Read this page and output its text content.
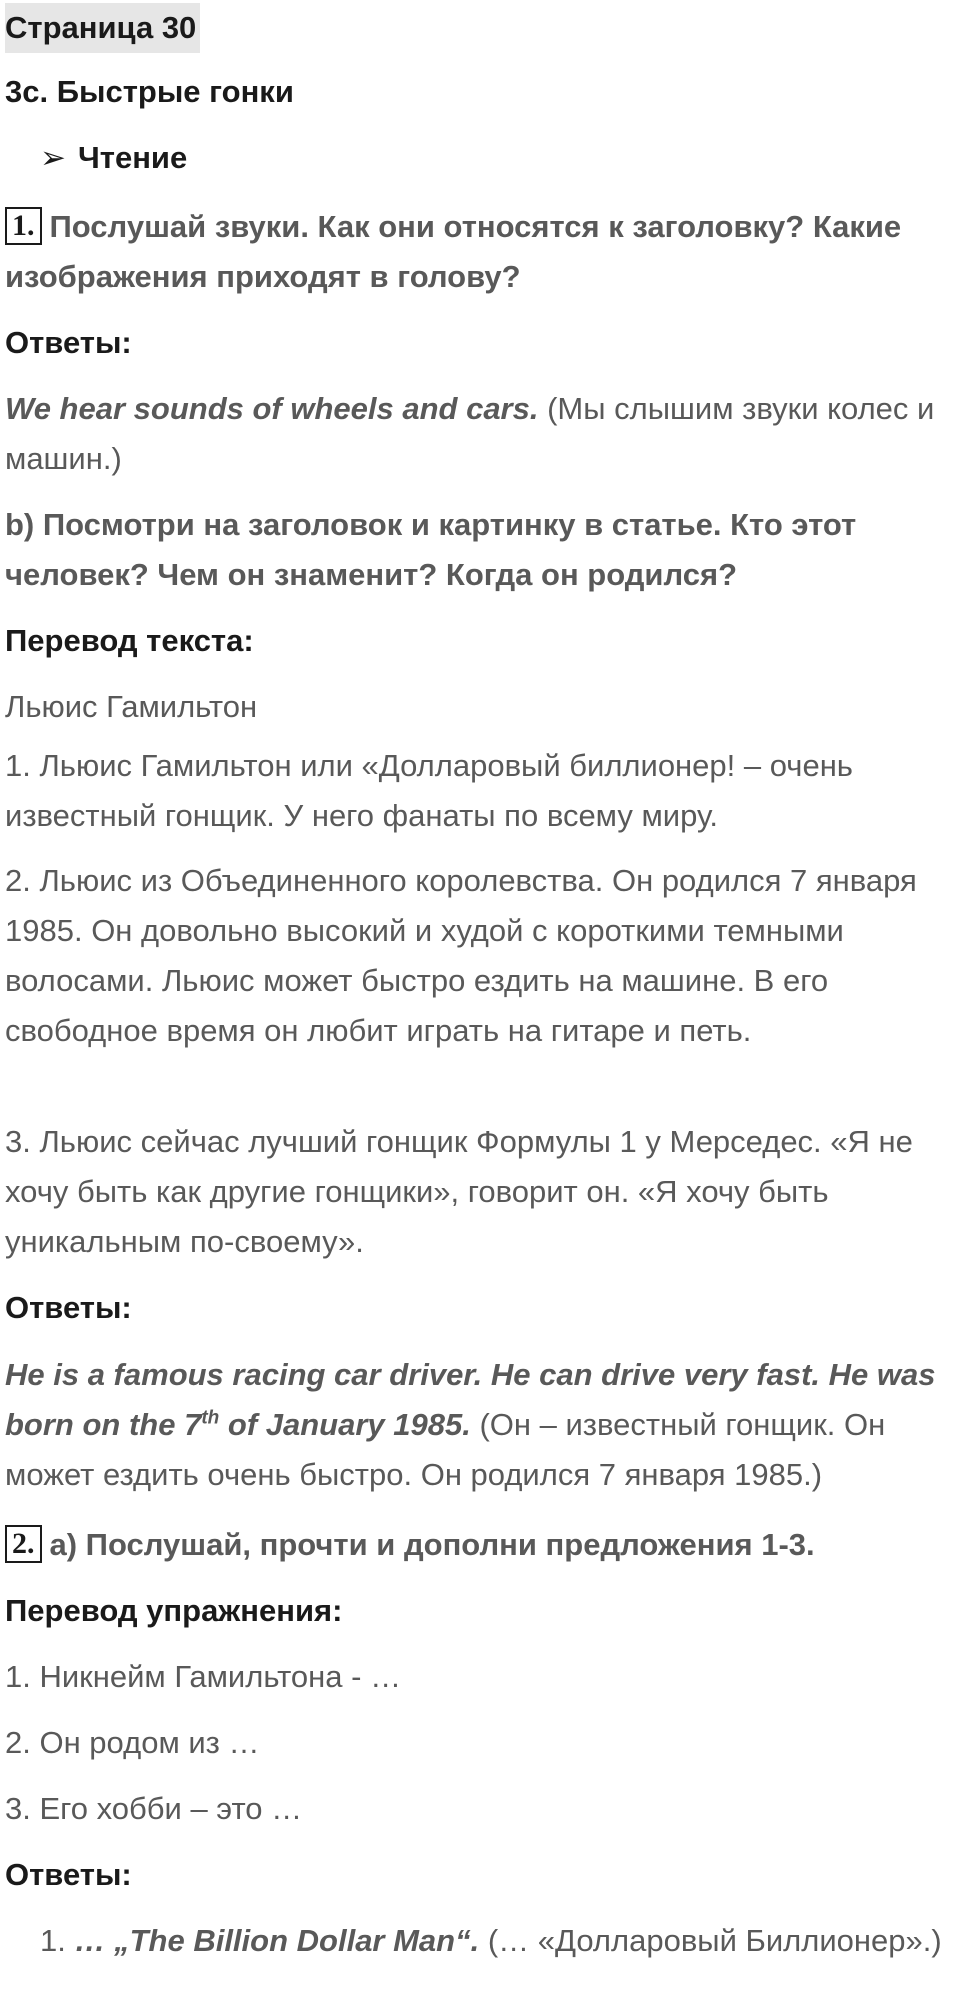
Страница 30
3c. Быстрые гонки
➢ Чтение
1. Послушай звуки. Как они относятся к заголовку? Какие изображения приходят в голову?
Ответы:
We hear sounds of wheels and cars. (Мы слышим звуки колес и машин.)
b) Посмотри на заголовок и картинку в статье. Кто этот человек? Чем он знаменит? Когда он родился?
Перевод текста:
Льюис Гамильтон
1. Льюис Гамильтон или «Долларовый биллионер! – очень известный гонщик. У него фанаты по всему миру.
2. Льюис из Объединенного королевства. Он родился 7 января 1985. Он довольно высокий и худой с короткими темными волосами. Льюис может быстро ездить на машине. В его свободное время он любит играть на гитаре и петь.
3. Льюис сейчас лучший гонщик Формулы 1 у Мерседес. «Я не хочу быть как другие гонщики», говорит он. «Я хочу быть уникальным по-своему».
Ответы:
He is a famous racing car driver. He can drive very fast. He was born on the 7th of January 1985. (Он – известный гонщик. Он может ездить очень быстро. Он родился 7 января 1985.)
2. a) Послушай, прочти и дополни предложения 1-3.
Перевод упражнения:
1. Никнейм Гамильтона - …
2. Он родом из …
3. Его хобби – это …
Ответы:
1. … „The Billion Dollar Man“. (… «Долларовый Биллионер».)
